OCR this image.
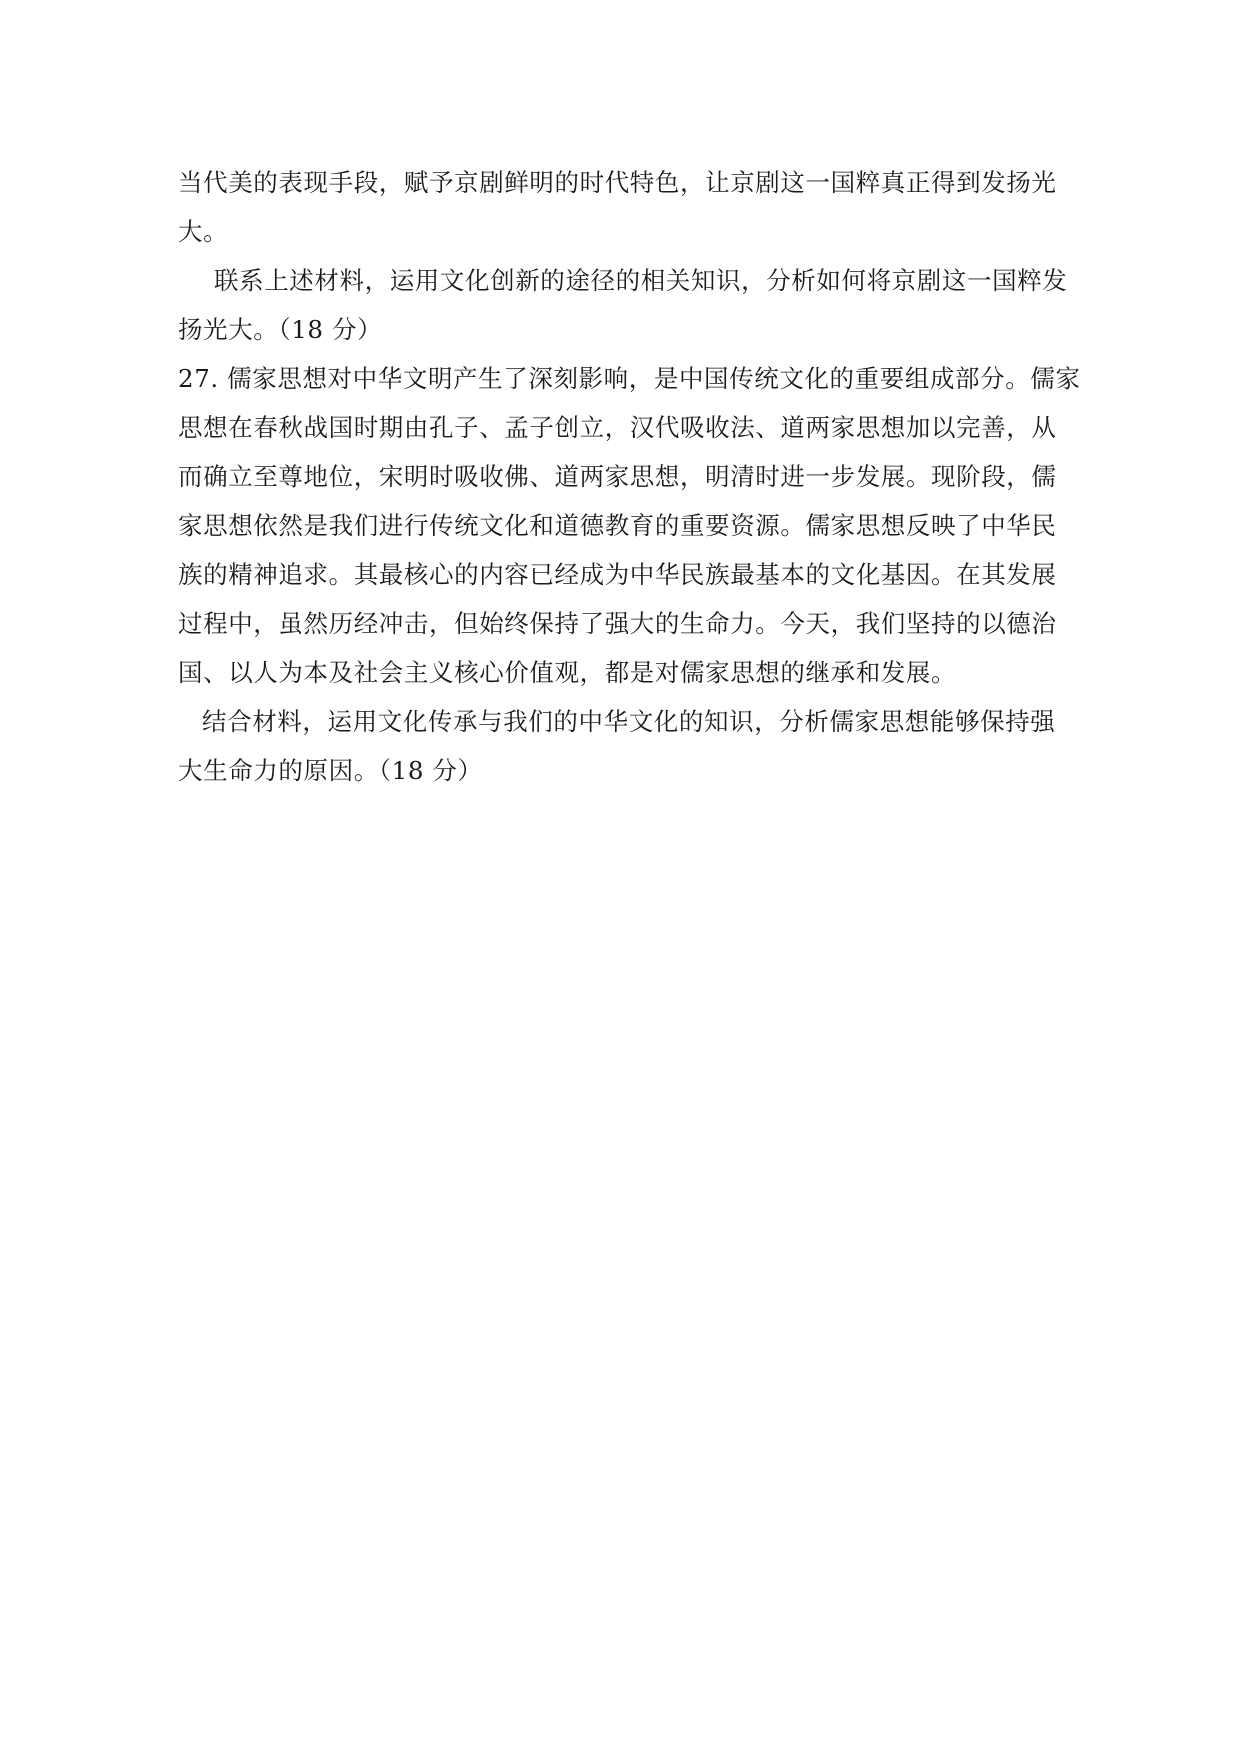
当代美的表现手段，赋予京剧鲜明的时代特色，让京剧这一国粹真正得到发扬光
大。
联系上述材料，运用文化创新的途径的相关知识，分析如何将京剧这一国粹发
扬光大。（18 分）
27. 儒家思想对中华文明产生了深刻影响，是中国传统文化的重要组成部分。儒家
思想在春秋战国时期由孔子、孟子创立，汉代吸收法、道两家思想加以完善，从
而确立至尊地位，宋明时吸收佛、道两家思想，明清时进一步发展。现阶段，儒
家思想依然是我们进行传统文化和道德教育的重要资源。儒家思想反映了中华民
族的精神追求。其最核心的内容已经成为中华民族最基本的文化基因。在其发展
过程中，虽然历经冲击，但始终保持了强大的生命力。今天，我们坚持的以德治
国、以人为本及社会主义核心价值观，都是对儒家思想的继承和发展。
结合材料，运用文化传承与我们的中华文化的知识，分析儒家思想能够保持强
大生命力的原因。（18 分）
